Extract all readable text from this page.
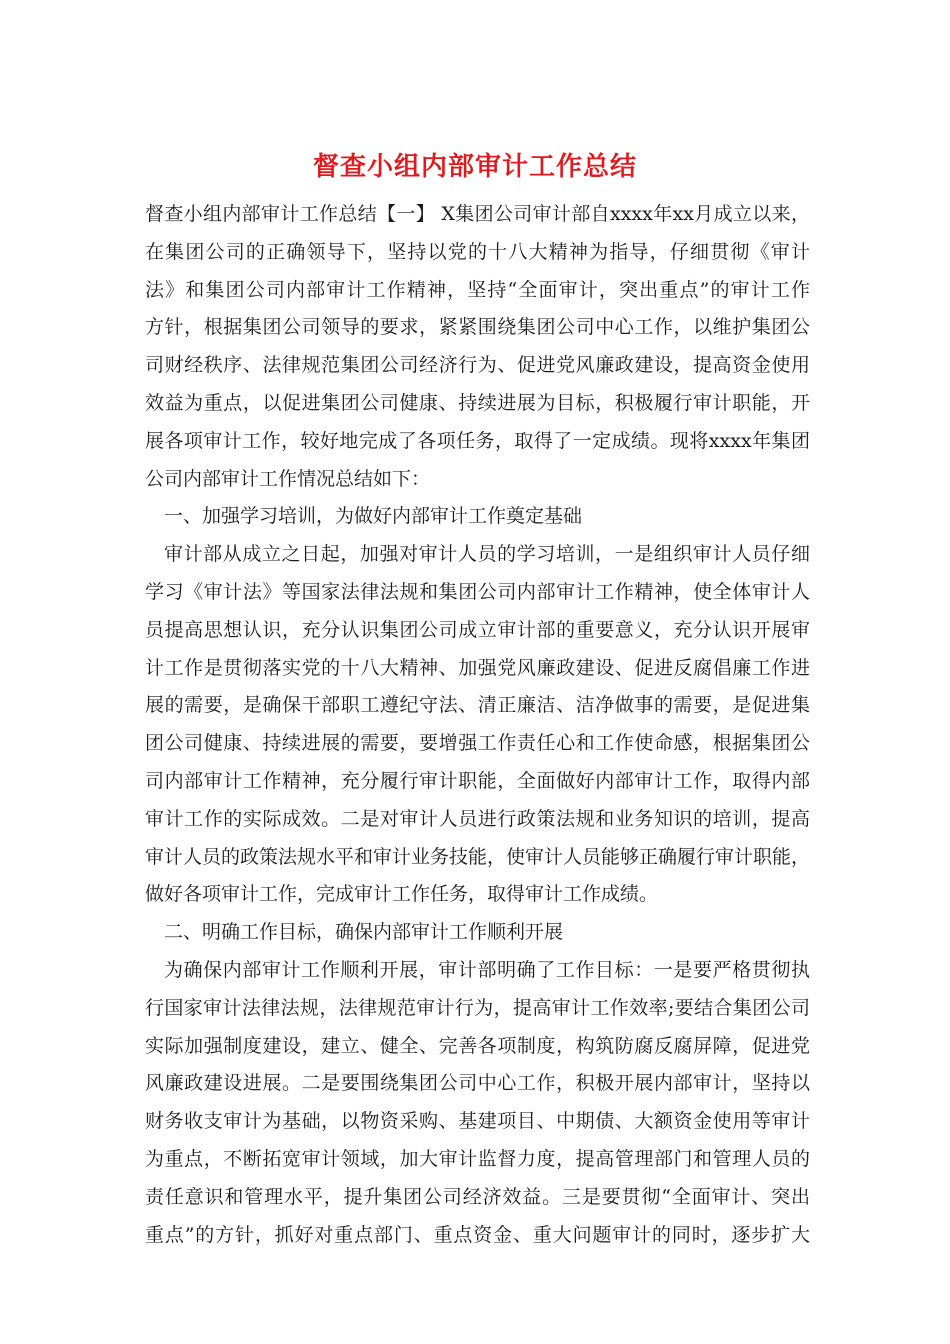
督查小组内部审计工作总结
督查小组内部审计工作总结【一】 X集团公司审计部自xxxx年xx月成立以来，
在集团公司的正确领导下，坚持以党的十八大精神为指导，仔细贯彻《审计
法》和集团公司内部审计工作精神，坚持“全面审计，突出重点”的审计工作
方针，根据集团公司领导的要求，紧紧围绕集团公司中心工作，以维护集团公
司财经秩序、法律规范集团公司经济行为、促进党风廉政建设，提高资金使用
效益为重点，以促进集团公司健康、持续进展为目标，积极履行审计职能，开
展各项审计工作，较好地完成了各项任务，取得了一定成绩。现将xxxx年集团
公司内部审计工作情况总结如下：
一、加强学习培训，为做好内部审计工作奠定基础
审计部从成立之日起，加强对审计人员的学习培训，一是组织审计人员仔细
学习《审计法》等国家法律法规和集团公司内部审计工作精神，使全体审计人
员提高思想认识，充分认识集团公司成立审计部的重要意义，充分认识开展审
计工作是贯彻落实党的十八大精神、加强党风廉政建设、促进反腐倡廉工作进
展的需要，是确保干部职工遵纪守法、清正廉洁、洁净做事的需要，是促进集
团公司健康、持续进展的需要，要增强工作责任心和工作使命感，根据集团公
司内部审计工作精神，充分履行审计职能，全面做好内部审计工作，取得内部
审计工作的实际成效。二是对审计人员进行政策法规和业务知识的培训，提高
审计人员的政策法规水平和审计业务技能，使审计人员能够正确履行审计职能，
做好各项审计工作，完成审计工作任务，取得审计工作成绩。
二、明确工作目标，确保内部审计工作顺利开展
为确保内部审计工作顺利开展，审计部明确了工作目标：一是要严格贯彻执
行国家审计法律法规，法律规范审计行为，提高审计工作效率;要结合集团公司
实际加强制度建设，建立、健全、完善各项制度，构筑防腐反腐屏障，促进党
风廉政建设进展。二是要围绕集团公司中心工作，积极开展内部审计，坚持以
财务收支审计为基础，以物资采购、基建项目、中期债、大额资金使用等审计
为重点，不断拓宽审计领域，加大审计监督力度，提高管理部门和管理人员的
责任意识和管理水平，提升集团公司经济效益。三是要贯彻“全面审计、突出
重点”的方针，抓好对重点部门、重点资金、重大问题审计的同时，逐步扩大
